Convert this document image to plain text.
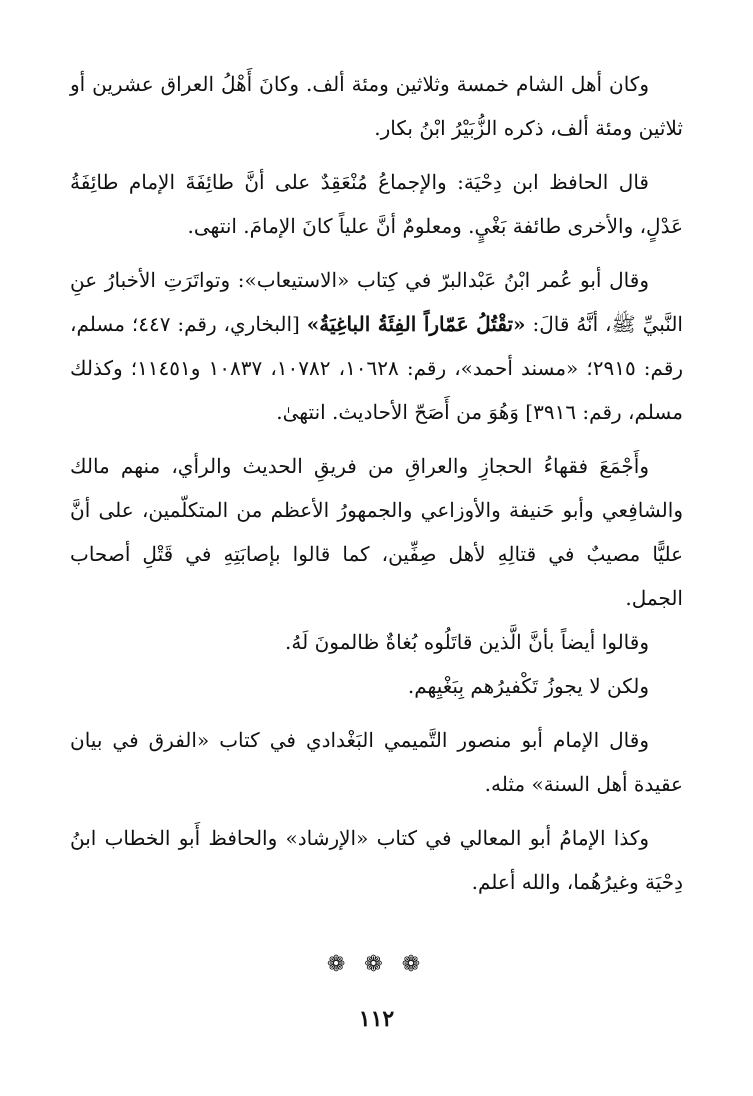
وكان أهل الشام خمسة وثلاثين ومئة ألف. وكانَ أَهْلُ العراق عشرين أو ثلاثين ومئة ألف، ذكره الزُّبَيْرُ ابْنُ بكار.

قال الحافظ ابن دِحْيَة: والإجماعُ مُنْعَقِدٌ على أنَّ طائِفَةَ الإمام طائِفَةُ عَدْلٍ، والأخرى طائفة بَغْيٍ. ومعلومٌ أنَّ علياً كانَ الإمامَ. انتهى.

وقال أبو عُمر ابْنُ عَبْدالبرّ في كِتاب «الاستيعاب»: وتواتَرَتِ الأخبارُ عنِ النَّبيِّ ﷺ، أنَّهُ قالَ: «تقْتُلُ عَمّاراً الفِئَةُ الباغِيَةُ» [البخاري، رقم: ٤٤٧؛ مسلم، رقم: ٢٩١٥؛ «مسند أحمد»، رقم: ١٠٦٢٨، ١٠٧٨٢، ١٠٨٣٧ و١١٤٥١؛ وكذلك مسلم، رقم: ٣٩١٦] وَهُوَ من أَصَحّ الأحاديث. انتهىٰ.

وأَجْمَعَ فقهاءُ الحجازِ والعراقِ من فريقِ الحديث والرأي، منهم مالك والشافِعي وأبو حَنيفة والأوزاعي والجمهورُ الأعظم من المتكلّمين، على أنَّ عليًّا مصيبٌ في قتالِهِ لأهل صِفِّين، كما قالوا بإصابَتِهِ في قَتْلِ أصحاب الجمل.

وقالوا أيضاً بأنَّ الَّذين قاتَلُوه بُغاةٌ ظالمونَ لَهُ.

ولكن لا يجوزُ تَكْفيرُهم بِبَغْيِهم.

وقال الإمام أبو منصور التَّميمي البَغْدادي في كتاب «الفرق في بيان عقيدة أهل السنة» مثله.

وكذا الإمامُ أبو المعالي في كتاب «الإرشاد» والحافظ أَبو الخطاب ابنُ دِحْيَة وغيرُهُما، والله أعلم.

❁ ❁ ❁
١١٢
